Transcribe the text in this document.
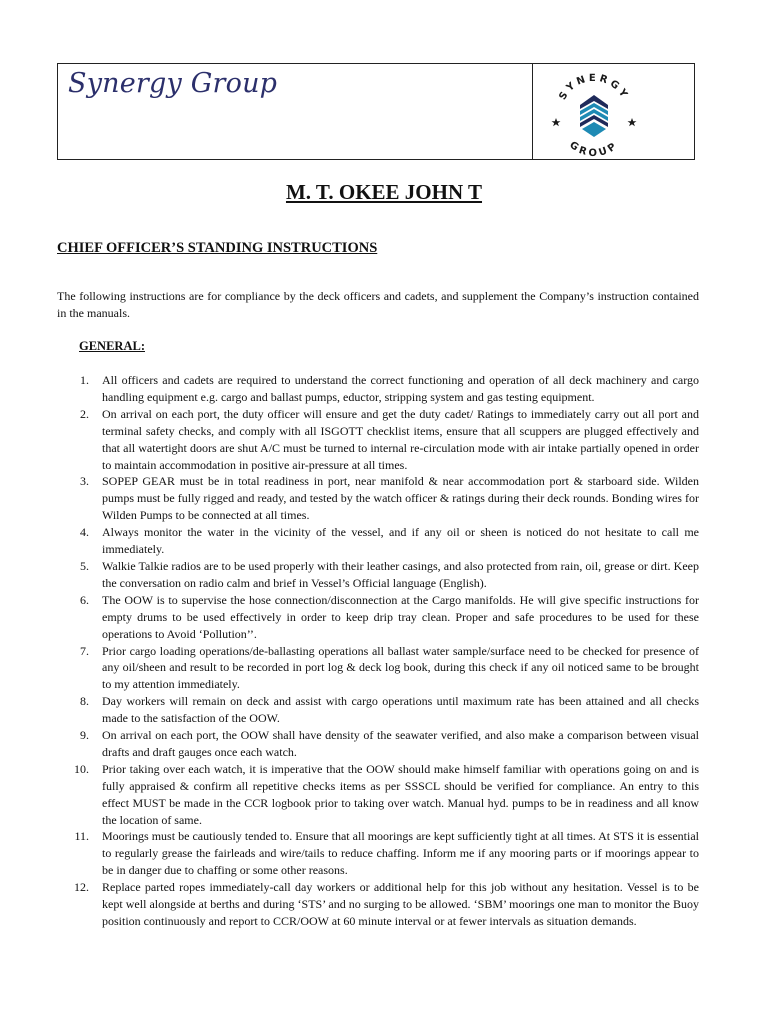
Synergy Group	SYNERGY
GROUP
M. T. OKEE JOHN T
CHIEF OFFICER’S STANDING INSTRUCTIONS
The following instructions are for compliance by the deck officers and cadets, and supplement the Company’s instruction contained in the manuals.
GENERAL:
1. All officers and cadets are required to understand the correct functioning and operation of all deck machinery and cargo handling equipment e.g. cargo and ballast pumps, eductor, stripping system and gas testing equipment.
2. On arrival on each port, the duty officer will ensure and get the duty cadet/ Ratings to immediately carry out all port and terminal safety checks, and comply with all ISGOTT checklist items, ensure that all scuppers are plugged effectively and that all watertight doors are shut A/C must be turned to internal re-circulation mode with air intake partially opened in order to maintain accommodation in positive air-pressure at all times.
3. SOPEP GEAR must be in total readiness in port, near manifold & near accommodation port & starboard side. Wilden pumps must be fully rigged and ready, and tested by the watch officer & ratings during their deck rounds. Bonding wires for Wilden Pumps to be connected at all times.
4. Always monitor the water in the vicinity of the vessel, and if any oil or sheen is noticed do not hesitate to call me immediately.
5. Walkie Talkie radios are to be used properly with their leather casings, and also protected from rain, oil, grease or dirt. Keep the conversation on radio calm and brief in Vessel’s Official language (English).
6. The OOW is to supervise the hose connection/disconnection at the Cargo manifolds. He will give specific instructions for empty drums to be used effectively in order to keep drip tray clean. Proper and safe procedures to be used for these operations to Avoid ‘Pollution’’.
7. Prior cargo loading operations/de-ballasting operations all ballast water sample/surface need to be checked for presence of any oil/sheen and result to be recorded in port log & deck log book, during this check if any oil noticed same to be brought to my attention immediately.
8. Day workers will remain on deck and assist with cargo operations until maximum rate has been attained and all checks made to the satisfaction of the OOW.
9. On arrival on each port, the OOW shall have density of the seawater verified, and also make a comparison between visual drafts and draft gauges once each watch.
10. Prior taking over each watch, it is imperative that the OOW should make himself familiar with operations going on and is fully appraised & confirm all repetitive checks items as per SSSCL should be verified for compliance. An entry to this effect MUST be made in the CCR logbook prior to taking over watch. Manual hyd. pumps to be in readiness and all know the location of same.
11. Moorings must be cautiously tended to. Ensure that all moorings are kept sufficiently tight at all times. At STS it is essential to regularly grease the fairleads and wire/tails to reduce chaffing. Inform me if any mooring parts or if moorings appear to be in danger due to chaffing or some other reasons.
12. Replace parted ropes immediately-call day workers or additional help for this job without any hesitation. Vessel is to be kept well alongside at berths and during ‘STS’ and no surging to be allowed. ‘SBM’ moorings one man to monitor the Buoy position continuously and report to CCR/OOW at 60 minute interval or at fewer intervals as situation demands.
